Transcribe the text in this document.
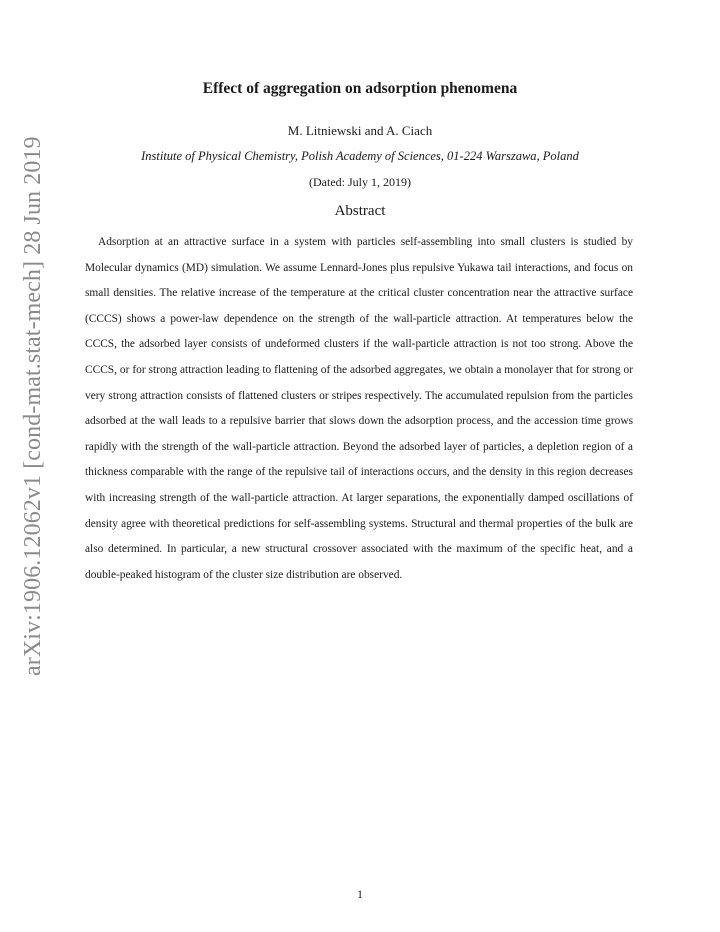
arXiv:1906.12062v1 [cond-mat.stat-mech] 28 Jun 2019
Effect of aggregation on adsorption phenomena
M. Litniewski and A. Ciach
Institute of Physical Chemistry, Polish Academy of Sciences, 01-224 Warszawa, Poland
(Dated: July 1, 2019)
Abstract

Adsorption at an attractive surface in a system with particles self-assembling into small clusters is studied by Molecular dynamics (MD) simulation. We assume Lennard-Jones plus repulsive Yukawa tail interactions, and focus on small densities. The relative increase of the temperature at the critical cluster concentration near the attractive surface (CCCS) shows a power-law dependence on the strength of the wall-particle attraction. At temperatures below the CCCS, the adsorbed layer consists of undeformed clusters if the wall-particle attraction is not too strong. Above the CCCS, or for strong attraction leading to flattening of the adsorbed aggregates, we obtain a monolayer that for strong or very strong attraction consists of flattened clusters or stripes respectively. The accumulated repulsion from the particles adsorbed at the wall leads to a repulsive barrier that slows down the adsorption process, and the accession time grows rapidly with the strength of the wall-particle attraction. Beyond the adsorbed layer of particles, a depletion region of a thickness comparable with the range of the repulsive tail of interactions occurs, and the density in this region decreases with increasing strength of the wall-particle attraction. At larger separations, the exponentially damped oscillations of density agree with theoretical predictions for self-assembling systems. Structural and thermal properties of the bulk are also determined. In particular, a new structural crossover associated with the maximum of the specific heat, and a double-peaked histogram of the cluster size distribution are observed.

1
